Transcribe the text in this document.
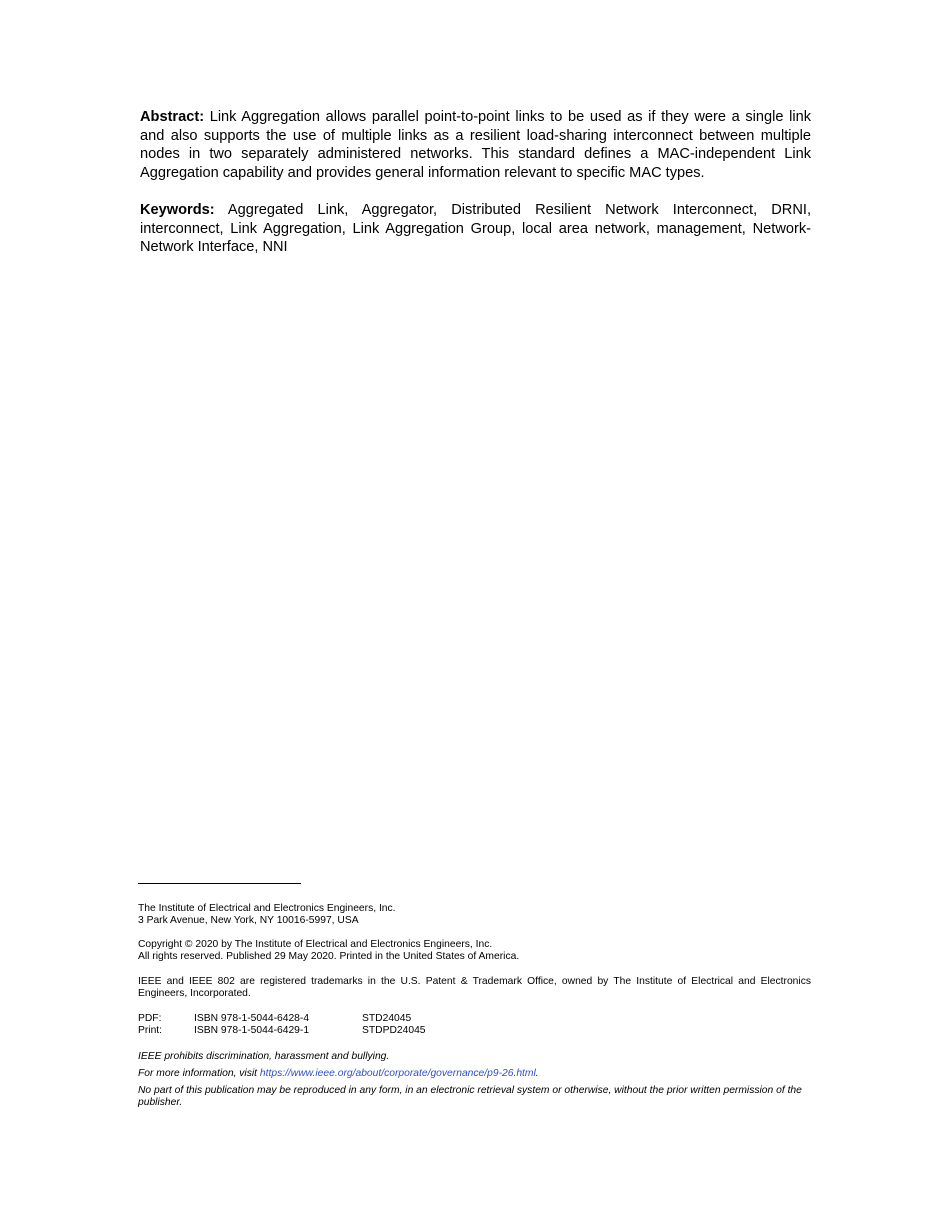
Abstract: Link Aggregation allows parallel point-to-point links to be used as if they were a single link and also supports the use of multiple links as a resilient load-sharing interconnect between multiple nodes in two separately administered networks. This standard defines a MAC-independent Link Aggregation capability and provides general information relevant to specific MAC types.

Keywords: Aggregated Link, Aggregator, Distributed Resilient Network Interconnect, DRNI, interconnect, Link Aggregation, Link Aggregation Group, local area network, management, Network-Network Interface, NNI

The Institute of Electrical and Electronics Engineers, Inc.
3 Park Avenue, New York, NY 10016-5997, USA
Copyright © 2020 by The Institute of Electrical and Electronics Engineers, Inc.
All rights reserved. Published 29 May 2020. Printed in the United States of America.
IEEE and IEEE 802 are registered trademarks in the U.S. Patent & Trademark Office, owned by The Institute of Electrical and Electronics Engineers, Incorporated.
PDF:	ISBN 978-1-5044-6428-4	STD24045
Print:	ISBN 978-1-5044-6429-1	STDPD24045
IEEE prohibits discrimination, harassment and bullying.
For more information, visit https://www.ieee.org/about/corporate/governance/p9-26.html.
No part of this publication may be reproduced in any form, in an electronic retrieval system or otherwise, without the prior written permission of the publisher.
